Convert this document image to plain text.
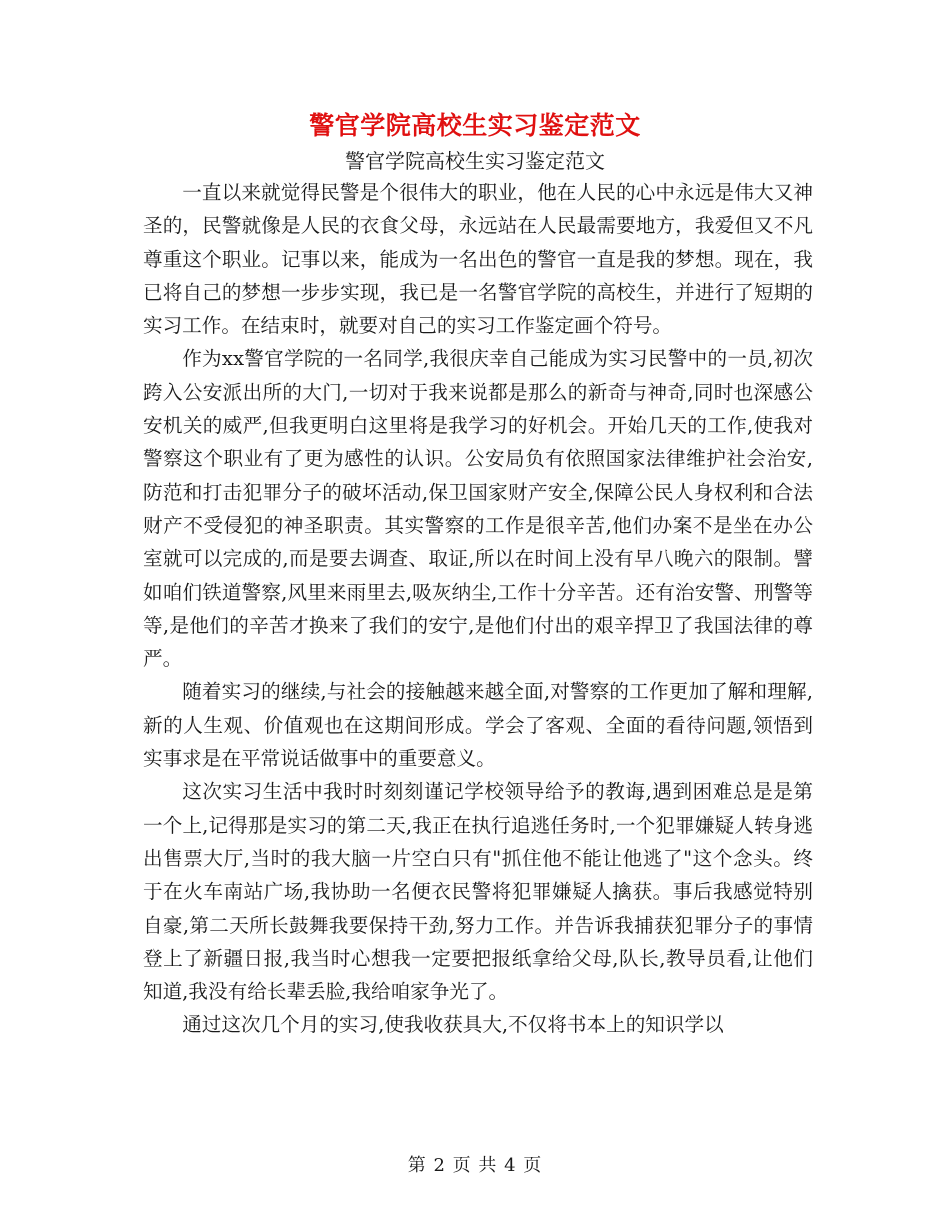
警官学院高校生实习鉴定范文
警官学院高校生实习鉴定范文

一直以来就觉得民警是个很伟大的职业，他在人民的心中永远是伟大又神圣的，民警就像是人民的衣食父母，永远站在人民最需要地方，我爱但又不凡尊重这个职业。记事以来，能成为一名出色的警官一直是我的梦想。现在，我已将自己的梦想一步步实现，我已是一名警官学院的高校生，并进行了短期的实习工作。在结束时，就要对自己的实习工作鉴定画个符号。

作为xx警官学院的一名同学,我很庆幸自己能成为实习民警中的一员,初次跨入公安派出所的大门,一切对于我来说都是那么的新奇与神奇,同时也深感公安机关的威严,但我更明白这里将是我学习的好机会。开始几天的工作,使我对警察这个职业有了更为感性的认识。公安局负有依照国家法律维护社会治安,防范和打击犯罪分子的破坏活动,保卫国家财产安全,保障公民人身权利和合法财产不受侵犯的神圣职责。其实警察的工作是很辛苦,他们办案不是坐在办公室就可以完成的,而是要去调查、取证,所以在时间上没有早八晚六的限制。譬如咱们铁道警察,风里来雨里去,吸灰纳尘,工作十分辛苦。还有治安警、刑警等等,是他们的辛苦才换来了我们的安宁,是他们付出的艰辛捍卫了我国法律的尊严。

随着实习的继续,与社会的接触越来越全面,对警察的工作更加了解和理解,新的人生观、价值观也在这期间形成。学会了客观、全面的看待问题,领悟到实事求是在平常说话做事中的重要意义。

这次实习生活中我时时刻刻谨记学校领导给予的教诲,遇到困难总是是第一个上,记得那是实习的第二天,我正在执行追逃任务时,一个犯罪嫌疑人转身逃出售票大厅,当时的我大脑一片空白只有"抓住他不能让他逃了"这个念头。终于在火车南站广场,我协助一名便衣民警将犯罪嫌疑人擒获。事后我感觉特别自豪,第二天所长鼓舞我要保持干劲,努力工作。并告诉我捕获犯罪分子的事情登上了新疆日报,我当时心想我一定要把报纸拿给父母,队长,教导员看,让他们知道,我没有给长辈丢脸,我给咱家争光了。

通过这次几个月的实习,使我收获具大,不仅将书本上的知识学以

第 2 页 共 4 页
